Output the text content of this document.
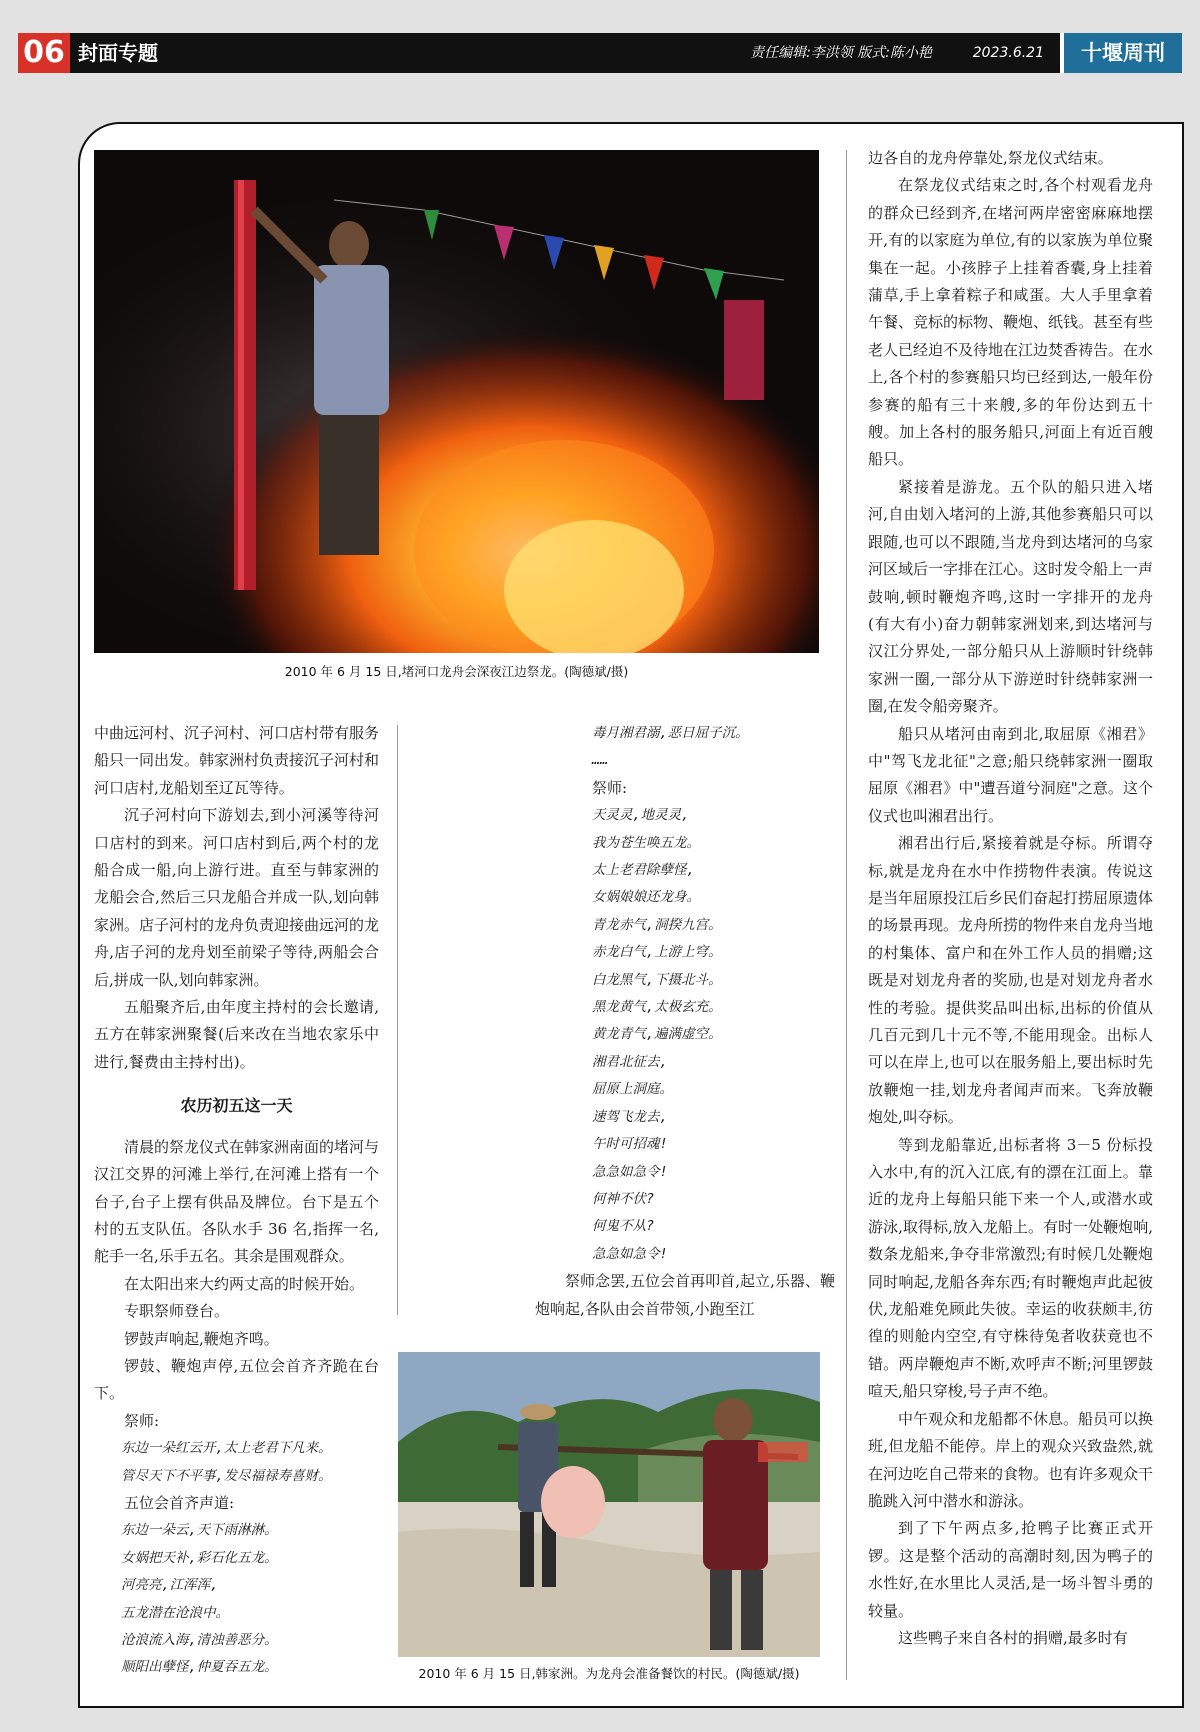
06 封面专题	责任编辑:李洪领 版式:陈小艳	2023.6.21	十堰周刊
2010 年 6 月 15 日,堵河口龙舟会深夜江边祭龙。(陶德斌/摄)

中曲远河村、沉子河村、河口店村带有服务船只一同出发。韩家洲村负责接沉子河村和河口店村,龙船划至辽瓦等待。

沉子河村向下游划去,到小河溪等待河口店村的到来。河口店村到后,两个村的龙船合成一船,向上游行进。直至与韩家洲的龙船会合,然后三只龙船合并成一队,划向韩家洲。店子河村的龙舟负责迎接曲远河的龙舟,店子河的龙舟划至前梁子等待,两船会合后,拼成一队,划向韩家洲。

五船聚齐后,由年度主持村的会长邀请,五方在韩家洲聚餐(后来改在当地农家乐中进行,餐费由主持村出)。

农历初五这一天

清晨的祭龙仪式在韩家洲南面的堵河与汉江交界的河滩上举行,在河滩上搭有一个台子,台子上摆有供品及牌位。台下是五个村的五支队伍。各队水手 36 名,指挥一名,舵手一名,乐手五名。其余是围观群众。

在太阳出来大约两丈高的时候开始。

专职祭师登台。

锣鼓声响起,鞭炮齐鸣。

锣鼓、鞭炮声停,五位会首齐齐跪在台下。

祭师:

东边一朵红云开,太上老君下凡来。

管尽天下不平事,发尽福禄寿喜财。

五位会首齐声道:

东边一朵云,天下雨淋淋。

女娲把天补,彩石化五龙。

河亮亮,江浑浑,

五龙潜在沧浪中。

沧浪流入海,清浊善恶分。

顺阳出孽怪,仲夏吞五龙。

毒月湘君溺,恶日屈子沉。

……

祭师:

天灵灵,地灵灵,

我为苍生唤五龙。

太上老君除孽怪,

女娲娘娘还龙身。

青龙赤气,洞揆九宫。

赤龙白气,上游上穹。

白龙黑气,下摄北斗。

黑龙黄气,太极玄充。

黄龙青气,遍满虚空。

湘君北征去,

屈原上洞庭。

速驾飞龙去,

午时可招魂!

急急如急令!

何神不伏?

何鬼不从?

急急如急令!

祭师念罢,五位会首再叩首,起立,乐器、鞭炮响起,各队由会首带领,小跑至江

2010 年 6 月 15 日,韩家洲。为龙舟会准备餐饮的村民。(陶德斌/摄)

边各自的龙舟停靠处,祭龙仪式结束。

在祭龙仪式结束之时,各个村观看龙舟的群众已经到齐,在堵河两岸密密麻麻地摆开,有的以家庭为单位,有的以家族为单位聚集在一起。小孩脖子上挂着香囊,身上挂着蒲草,手上拿着粽子和咸蛋。大人手里拿着午餐、竞标的标物、鞭炮、纸钱。甚至有些老人已经迫不及待地在江边焚香祷告。在水上,各个村的参赛船只均已经到达,一般年份参赛的船有三十来艘,多的年份达到五十艘。加上各村的服务船只,河面上有近百艘船只。

紧接着是游龙。五个队的船只进入堵河,自由划入堵河的上游,其他参赛船只可以跟随,也可以不跟随,当龙舟到达堵河的乌家河区域后一字排在江心。这时发令船上一声鼓响,顿时鞭炮齐鸣,这时一字排开的龙舟(有大有小)奋力朝韩家洲划来,到达堵河与汉江分界处,一部分船只从上游顺时针绕韩家洲一圈,一部分从下游逆时针绕韩家洲一圈,在发令船旁聚齐。

船只从堵河由南到北,取屈原《湘君》中"驾飞龙北征"之意;船只绕韩家洲一圈取屈原《湘君》中"遭吾道兮洞庭"之意。这个仪式也叫湘君出行。

湘君出行后,紧接着就是夺标。所谓夺标,就是龙舟在水中作捞物件表演。传说这是当年屈原投江后乡民们奋起打捞屈原遗体的场景再现。龙舟所捞的物件来自龙舟当地的村集体、富户和在外工作人员的捐赠;这既是对划龙舟者的奖励,也是对划龙舟者水性的考验。提供奖品叫出标,出标的价值从几百元到几十元不等,不能用现金。出标人可以在岸上,也可以在服务船上,要出标时先放鞭炮一挂,划龙舟者闻声而来。飞奔放鞭炮处,叫夺标。

等到龙船靠近,出标者将 3－5 份标投入水中,有的沉入江底,有的漂在江面上。靠近的龙舟上每船只能下来一个人,或潜水或游泳,取得标,放入龙船上。有时一处鞭炮响,数条龙船来,争夺非常激烈;有时候几处鞭炮同时响起,龙船各奔东西;有时鞭炮声此起彼伏,龙船难免顾此失彼。幸运的收获颇丰,彷徨的则舱内空空,有守株待兔者收获竟也不错。两岸鞭炮声不断,欢呼声不断;河里锣鼓喧天,船只穿梭,号子声不绝。

中午观众和龙船都不休息。船员可以换班,但龙船不能停。岸上的观众兴致盎然,就在河边吃自己带来的食物。也有许多观众干脆跳入河中潜水和游泳。

到了下午两点多,抢鸭子比赛正式开锣。这是整个活动的高潮时刻,因为鸭子的水性好,在水里比人灵活,是一场斗智斗勇的较量。

这些鸭子来自各村的捐赠,最多时有
